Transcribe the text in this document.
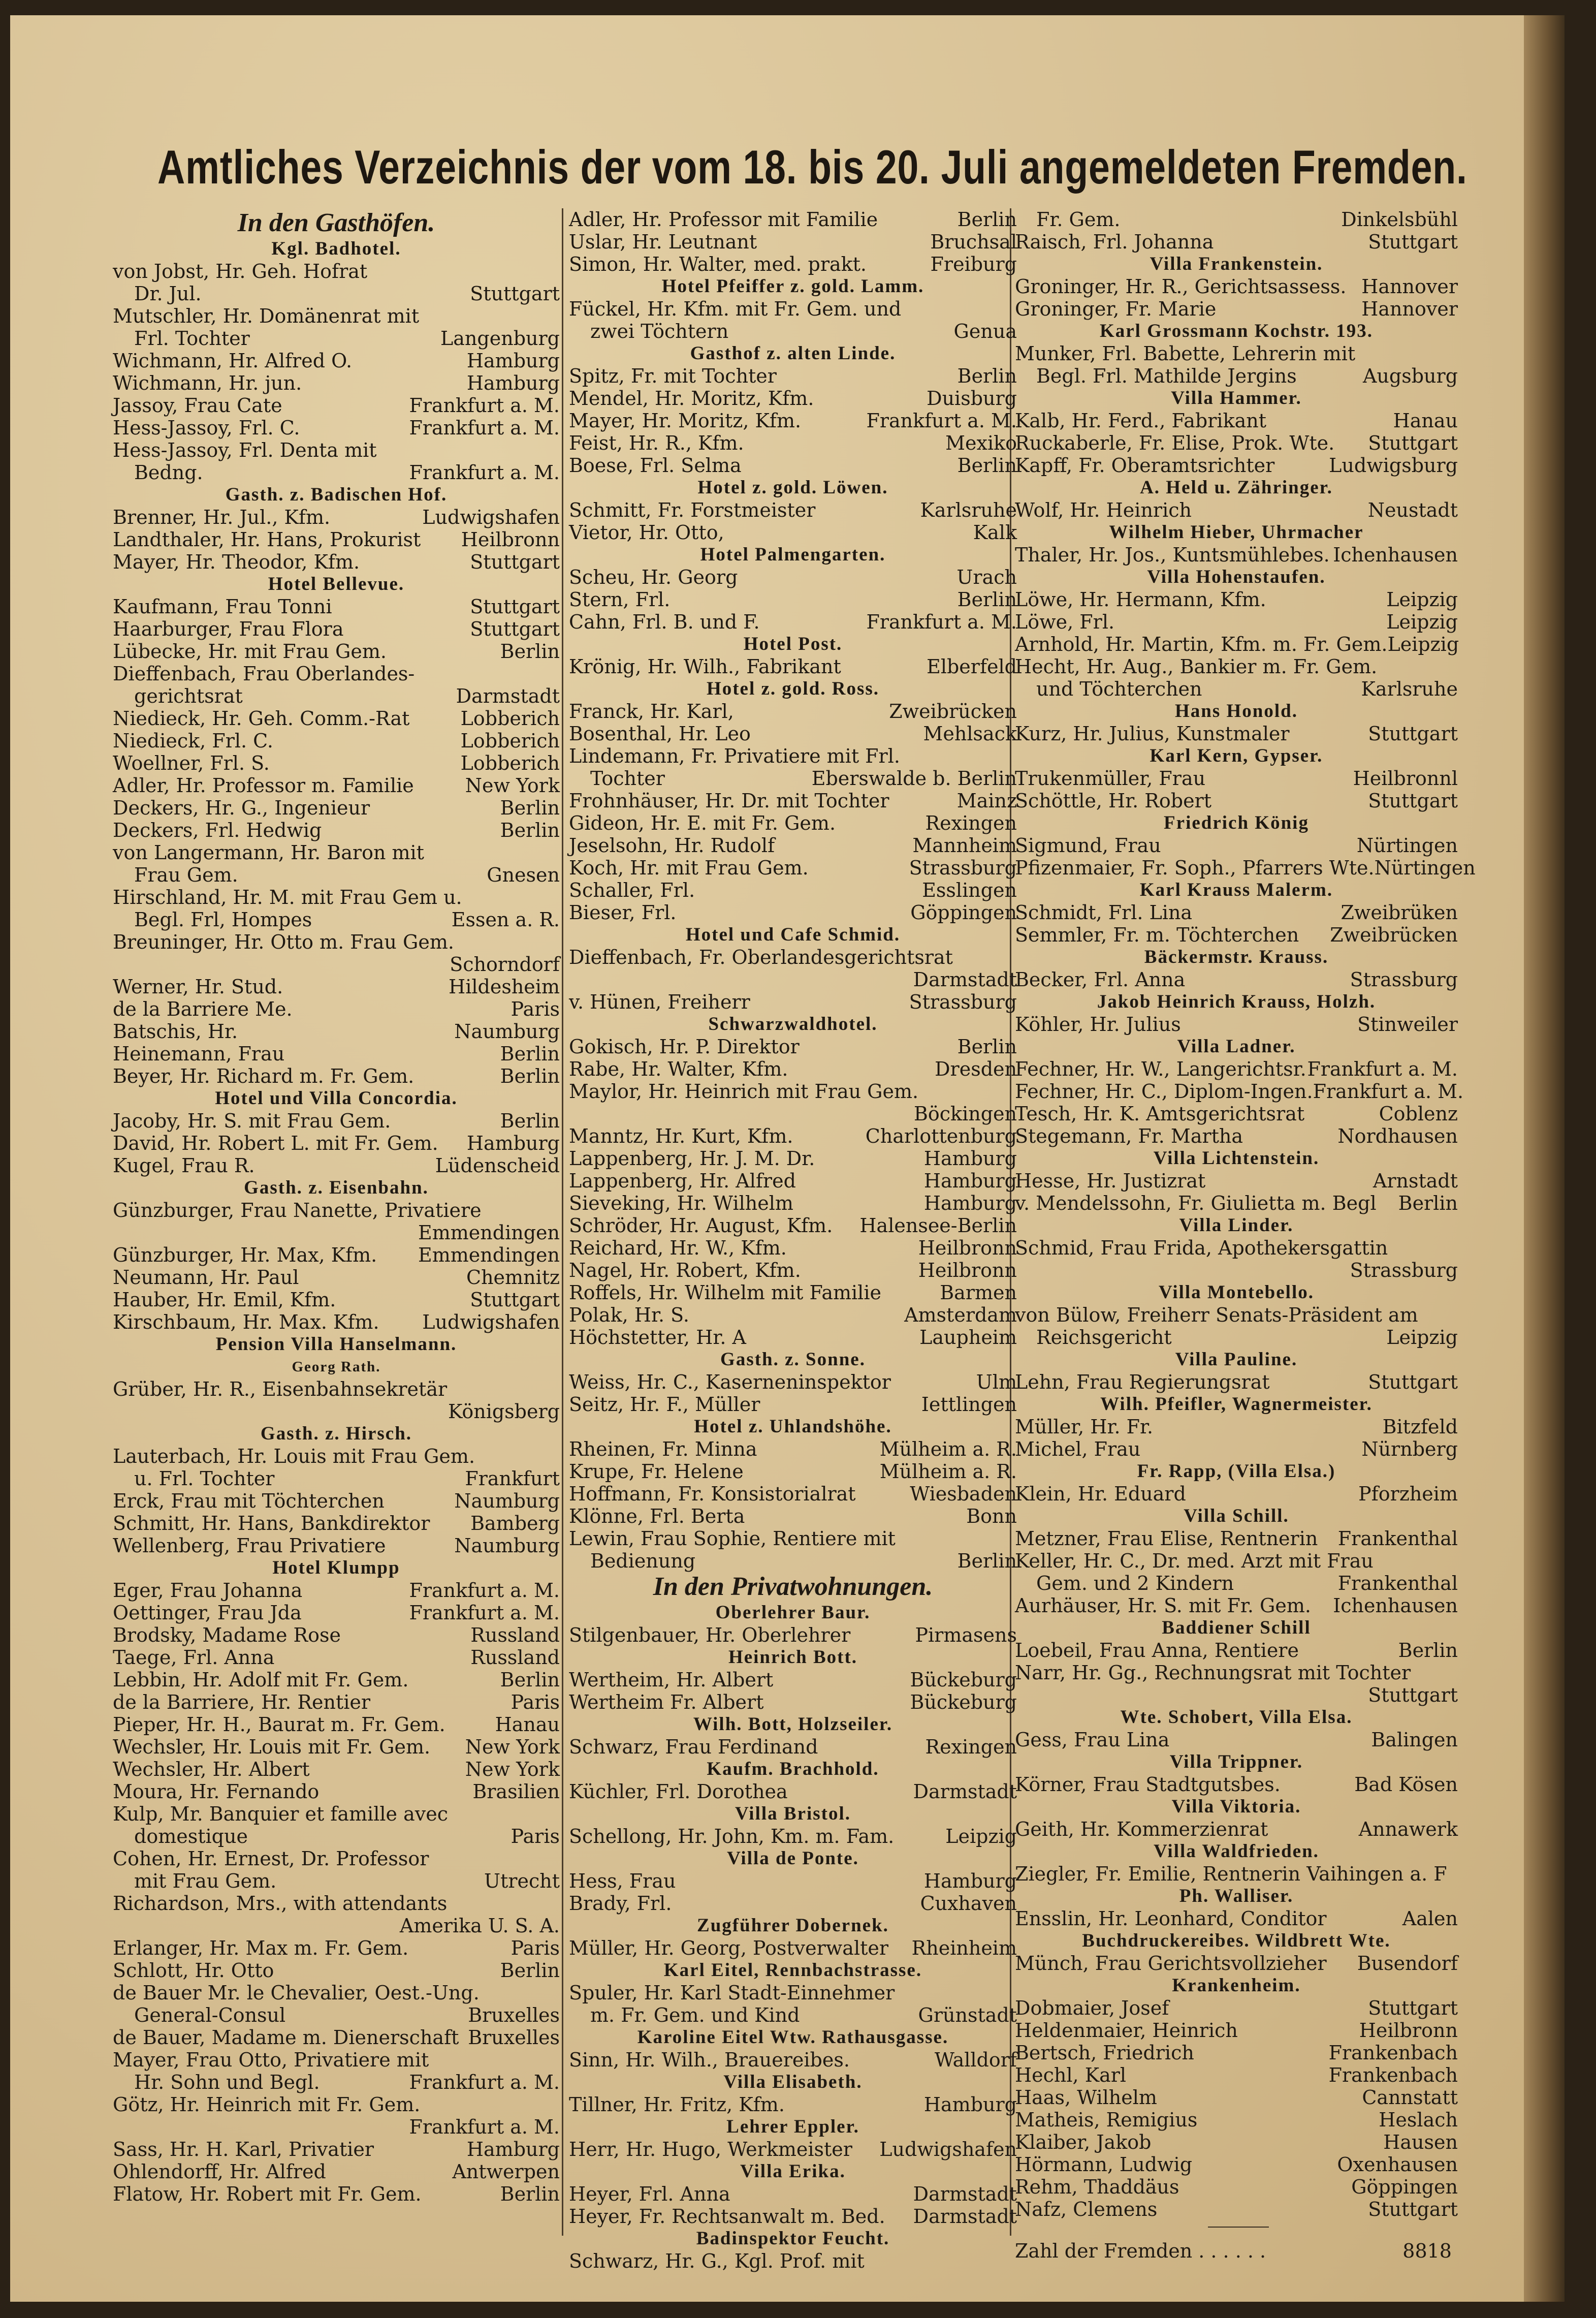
Amtliches Verzeichnis der vom 18. bis 20. Juli angemeldeten Fremden.
In den Gasthöfen.
Kgl. Badhotel.
von Jobst, Hr. Geh. Hofrat
Dr. Jul.	Stuttgart
Mutschler, Hr. Domänenrat mit
Frl. Tochter	Langenburg
Wichmann, Hr. Alfred O.	Hamburg
Wichmann, Hr. jun.	Hamburg
Jassoy, Frau Cate	Frankfurt a. M.
Hess-Jassoy, Frl. C.	Frankfurt a. M.
Hess-Jassoy, Frl. Denta mit
Bedng.	Frankfurt a. M.
Gasth. z. Badischen Hof.
Brenner, Hr. Jul., Kfm.	Ludwigshafen
Landthaler, Hr. Hans, Prokurist Heilbronn
Mayer, Hr. Theodor, Kfm.	Stuttgart
Hotel Bellevue.
Kaufmann, Frau Tonni	Stuttgart
Haarburger, Frau Flora	Stuttgart
Lübecke, Hr. mit Frau Gem.	Berlin
Dieffenbach, Frau Oberlandes-
gerichtsrat	Darmstadt
Niedieck, Hr. Geh. Comm.-Rat	Lobberich
Niedieck, Frl. C.	Lobberich
Woellner, Frl. S.	Lobberich
Adler, Hr. Professor m. Familie	New York
Deckers, Hr. G., Ingenieur	Berlin
Deckers, Frl. Hedwig	Berlin
von Langermann, Hr. Baron mit
Frau Gem.	Gnesen
Hirschland, Hr. M. mit Frau Gem u.
Begl. Frl, Hompes	Essen a. R.
Breuninger, Hr. Otto m. Frau Gem.
Schorndorf
Werner, Hr. Stud.	Hildesheim
de la Barriere Me.	Paris
Batschis, Hr.	Naumburg
Heinemann, Frau	Berlin
Beyer, Hr. Richard m. Fr. Gem.	Berlin
Hotel und Villa Concordia.
Jacoby, Hr. S. mit Frau Gem.	Berlin
David, Hr. Robert L. mit Fr. Gem. Hamburg
Kugel, Frau R.	Lüdenscheid
Gasth. z. Eisenbahn.
Günzburger, Frau Nanette, Privatiere
Emmendingen
Günzburger, Hr. Max, Kfm. Emmendingen
Neumann, Hr. Paul	Chemnitz
Hauber, Hr. Emil, Kfm.	Stuttgart
Kirschbaum, Hr. Max. Kfm. Ludwigshafen
Pension Villa Hanselmann.
Georg Rath.
Grüber, Hr. R., Eisenbahnsekretär
Königsberg
Gasth. z. Hirsch.
Lauterbach, Hr. Louis mit Frau Gem.
u. Frl. Tochter	Frankfurt
Erck, Frau mit Töchterchen	Naumburg
Schmitt, Hr. Hans, Bankdirektor Bamberg
Wellenberg, Frau Privatiere	Naumburg
Hotel Klumpp
Eger, Frau Johanna	Frankfurt a. M.
Oettinger, Frau Jda	Frankfurt a. M.
Brodsky, Madame Rose	Russland
Taege, Frl. Anna	Russland
Lebbin, Hr. Adolf mit Fr. Gem.	Berlin
de la Barriere, Hr. Rentier	Paris
Pieper, Hr. H., Baurat m. Fr. Gem.	Hanau
Wechsler, Hr. Louis mit Fr. Gem. New York
Wechsler, Hr. Albert	New York
Moura, Hr. Fernando	Brasilien
Kulp, Mr. Banquier et famille avec
domestique	Paris
Cohen, Hr. Ernest, Dr. Professor
mit Frau Gem.	Utrecht
Richardson, Mrs., with attendants
Amerika U. S. A.
Erlanger, Hr. Max m. Fr. Gem.	Paris
Schlott, Hr. Otto	Berlin
de Bauer Mr. le Chevalier, Oest.-Ung.
General-Consul	Bruxelles
de Bauer, Madame m. Dienerschaft Bruxelles
Mayer, Frau Otto, Privatiere mit
Hr. Sohn und Begl.	Frankfurt a. M.
Götz, Hr. Heinrich mit Fr. Gem.
Frankfurt a. M.
Sass, Hr. H. Karl, Privatier	Hamburg
Ohlendorff, Hr. Alfred	Antwerpen
Flatow, Hr. Robert mit Fr. Gem.	Berlin
Adler, Hr. Professor mit Familie	Berlin
Uslar, Hr. Leutnant	Bruchsal
Simon, Hr. Walter, med. prakt.	Freiburg
Hotel Pfeiffer z. gold. Lamm.
Fückel, Hr. Kfm. mit Fr. Gem. und
zwei Töchtern	Genua
Gasthof z. alten Linde.
Spitz, Fr. mit Tochter	Berlin
Mendel, Hr. Moritz, Kfm.	Duisburg
Mayer, Hr. Moritz, Kfm.	Frankfurt a. M.
Feist, Hr. R., Kfm.	Mexiko
Boese, Frl. Selma	Berlin
Hotel z. gold. Löwen.
Schmitt, Fr. Forstmeister	Karlsruhe
Vietor, Hr. Otto,	Kalk
Hotel Palmengarten.
Scheu, Hr. Georg	Urach
Stern, Frl.	Berlin
Cahn, Frl. B. und F.	Frankfurt a. M.
Hotel Post.
Krönig, Hr. Wilh., Fabrikant	Elberfeld
Hotel z. gold. Ross.
Franck, Hr. Karl,	Zweibrücken
Bosenthal, Hr. Leo	Mehlsack
Lindemann, Fr. Privatiere mit Frl.
Tochter	Eberswalde b. Berlin
Frohnhäuser, Hr. Dr. mit Tochter	Mainz
Gideon, Hr. E. mit Fr. Gem.	Rexingen
Jeselsohn, Hr. Rudolf	Mannheim
Koch, Hr. mit Frau Gem.	Strassburg
Schaller, Frl.	Esslingen
Bieser, Frl.	Göppingen
Hotel und Cafe Schmid.
Dieffenbach, Fr. Oberlandesgerichtsrat
Darmstadt
v. Hünen, Freiherr	Strassburg
Schwarzwaldhotel.
Gokisch, Hr. P. Direktor	Berlin
Rabe, Hr. Walter, Kfm.	Dresden
Maylor, Hr. Heinrich mit Frau Gem.
Böckingen
Manntz, Hr. Kurt, Kfm.	Charlottenburg
Lappenberg, Hr. J. M. Dr.	Hamburg
Lappenberg, Hr. Alfred	Hamburg
Sieveking, Hr. Wilhelm	Hamburg
Schröder, Hr. August, Kfm. Halensee-Berlin
Reichard, Hr. W., Kfm.	Heilbronn
Nagel, Hr. Robert, Kfm.	Heilbronn
Roffels, Hr. Wilhelm mit Familie	Barmen
Polak, Hr. S.	Amsterdam
Höchstetter, Hr. A	Laupheim
Gasth. z. Sonne.
Weiss, Hr. C., Kaserneninspektor	Ulm
Seitz, Hr. F., Müller	Iettlingen
Hotel z. Uhlandshöhe.
Rheinen, Fr. Minna	Mülheim a. R.
Krupe, Fr. Helene	Mülheim a. R.
Hoffmann, Fr. Konsistorialrat	Wiesbaden
Klönne, Frl. Berta	Bonn
Lewin, Frau Sophie, Rentiere mit
Bedienung	Berlin
In den Privatwohnungen.
Oberlehrer Baur.
Stilgenbauer, Hr. Oberlehrer	Pirmasens
Heinrich Bott.
Wertheim, Hr. Albert	Bückeburg
Wertheim Fr. Albert	Bückeburg
Wilh. Bott, Holzseiler.
Schwarz, Frau Ferdinand	Rexingen
Kaufm. Brachhold.
Küchler, Frl. Dorothea	Darmstadt
Villa Bristol.
Schellong, Hr. John, Km. m. Fam.	Leipzig
Villa de Ponte.
Hess, Frau	Hamburg
Brady, Frl.	Cuxhaven
Zugführer Dobernek.
Müller, Hr. Georg, Postverwalter Rheinheim
Karl Eitel, Rennbachstrasse.
Spuler, Hr. Karl Stadt-Einnehmer
m. Fr. Gem. und Kind	Grünstadt
Karoline Eitel Wtw. Rathausgasse.
Sinn, Hr. Wilh., Brauereibes.	Walldorf
Villa Elisabeth.
Tillner, Hr. Fritz, Kfm.	Hamburg
Lehrer Eppler.
Herr, Hr. Hugo, Werkmeister Ludwigshafen
Villa Erika.
Heyer, Frl. Anna	Darmstadt
Heyer, Fr. Rechtsanwalt m. Bed. Darmstadt
Badinspektor Feucht.
Schwarz, Hr. G., Kgl. Prof. mit
Fr. Gem.	Dinkelsbühl
Raisch, Frl. Johanna	Stuttgart
Villa Frankenstein.
Groninger, Hr. R., Gerichtsassess. Hannover
Groninger, Fr. Marie	Hannover
Karl Grossmann Kochstr. 193.
Munker, Frl. Babette, Lehrerin mit
Begl. Frl. Mathilde Jergins	Augsburg
Villa Hammer.
Kalb, Hr. Ferd., Fabrikant	Hanau
Ruckaberle, Fr. Elise, Prok. Wte. Stuttgart
Kapff, Fr. Oberamtsrichter	Ludwigsburg
A. Held u. Zähringer.
Wolf, Hr. Heinrich	Neustadt
Wilhelm Hieber, Uhrmacher
Thaler, Hr. Jos., Kuntsmühlebes. Ichenhausen
Villa Hohenstaufen.
Löwe, Hr. Hermann, Kfm.	Leipzig
Löwe, Frl.	Leipzig
Arnhold, Hr. Martin, Kfm. m. Fr. Gem. Leipzig
Hecht, Hr. Aug., Bankier m. Fr. Gem.
und Töchterchen	Karlsruhe
Hans Honold.
Kurz, Hr. Julius, Kunstmaler	Stuttgart
Karl Kern, Gypser.
Trukenmüller, Frau	Heilbronnl
Schöttle, Hr. Robert	Stuttgart
Friedrich König
Sigmund, Frau	Nürtingen
Pfizenmaier, Fr. Soph., Pfarrers Wte. Nürtingen
Karl Krauss Malerm.
Schmidt, Frl. Lina	Zweibrüken
Semmler, Fr. m. Töchterchen Zweibrücken
Bäckermstr. Krauss.
Becker, Frl. Anna	Strassburg
Jakob Heinrich Krauss, Holzh.
Köhler, Hr. Julius	Stinweiler
Villa Ladner.
Fechner, Hr. W., Langerichtsr. Frankfurt a. M.
Fechner, Hr. C., Diplom-Ingen. Frankfurt a. M.
Tesch, Hr. K. Amtsgerichtsrat	Coblenz
Stegemann, Fr. Martha	Nordhausen
Villa Lichtenstein.
Hesse, Hr. Justizrat	Arnstadt
v. Mendelssohn, Fr. Giulietta m. Begl Berlin
Villa Linder.
Schmid, Frau Frida, Apothekersgattin
Strassburg
Villa Montebello.
von Bülow, Freiherr Senats-Präsident am
Reichsgericht	Leipzig
Villa Pauline.
Lehn, Frau Regierungsrat	Stuttgart
Wilh. Pfeifler, Wagnermeister.
Müller, Hr. Fr.	Bitzfeld
Michel, Frau	Nürnberg
Fr. Rapp, (Villa Elsa.)
Klein, Hr. Eduard	Pforzheim
Villa Schill.
Metzner, Frau Elise, Rentnerin Frankenthal
Keller, Hr. C., Dr. med. Arzt mit Frau
Gem. und 2 Kindern	Frankenthal
Aurhäuser, Hr. S. mit Fr. Gem. Ichenhausen
Baddiener Schill
Loebeil, Frau Anna, Rentiere	Berlin
Narr, Hr. Gg., Rechnungsrat mit Tochter
Stuttgart
Wte. Schobert, Villa Elsa.
Gess, Frau Lina	Balingen
Villa Trippner.
Körner, Frau Stadtgutsbes.	Bad Kösen
Villa Viktoria.
Geith, Hr. Kommerzienrat	Annawerk
Villa Waldfrieden.
Ziegler, Fr. Emilie, Rentnerin Vaihingen a. F
Ph. Walliser.
Ensslin, Hr. Leonhard, Conditor	Aalen
Buchdruckereibes. Wildbrett Wte.
Münch, Frau Gerichtsvollzieher Busendorf
Krankenheim.
Dobmaier, Josef	Stuttgart
Heldenmaier, Heinrich	Heilbronn
Bertsch, Friedrich	Frankenbach
Hechl, Karl	Frankenbach
Haas, Wilhelm	Cannstatt
Matheis, Remigius	Heslach
Klaiber, Jakob	Hausen
Hörmann, Ludwig	Oxenhausen
Rehm, Thaddäus	Göppingen
Nafz, Clemens	Stuttgart
Zahl der Fremden . . . . . .	8818
